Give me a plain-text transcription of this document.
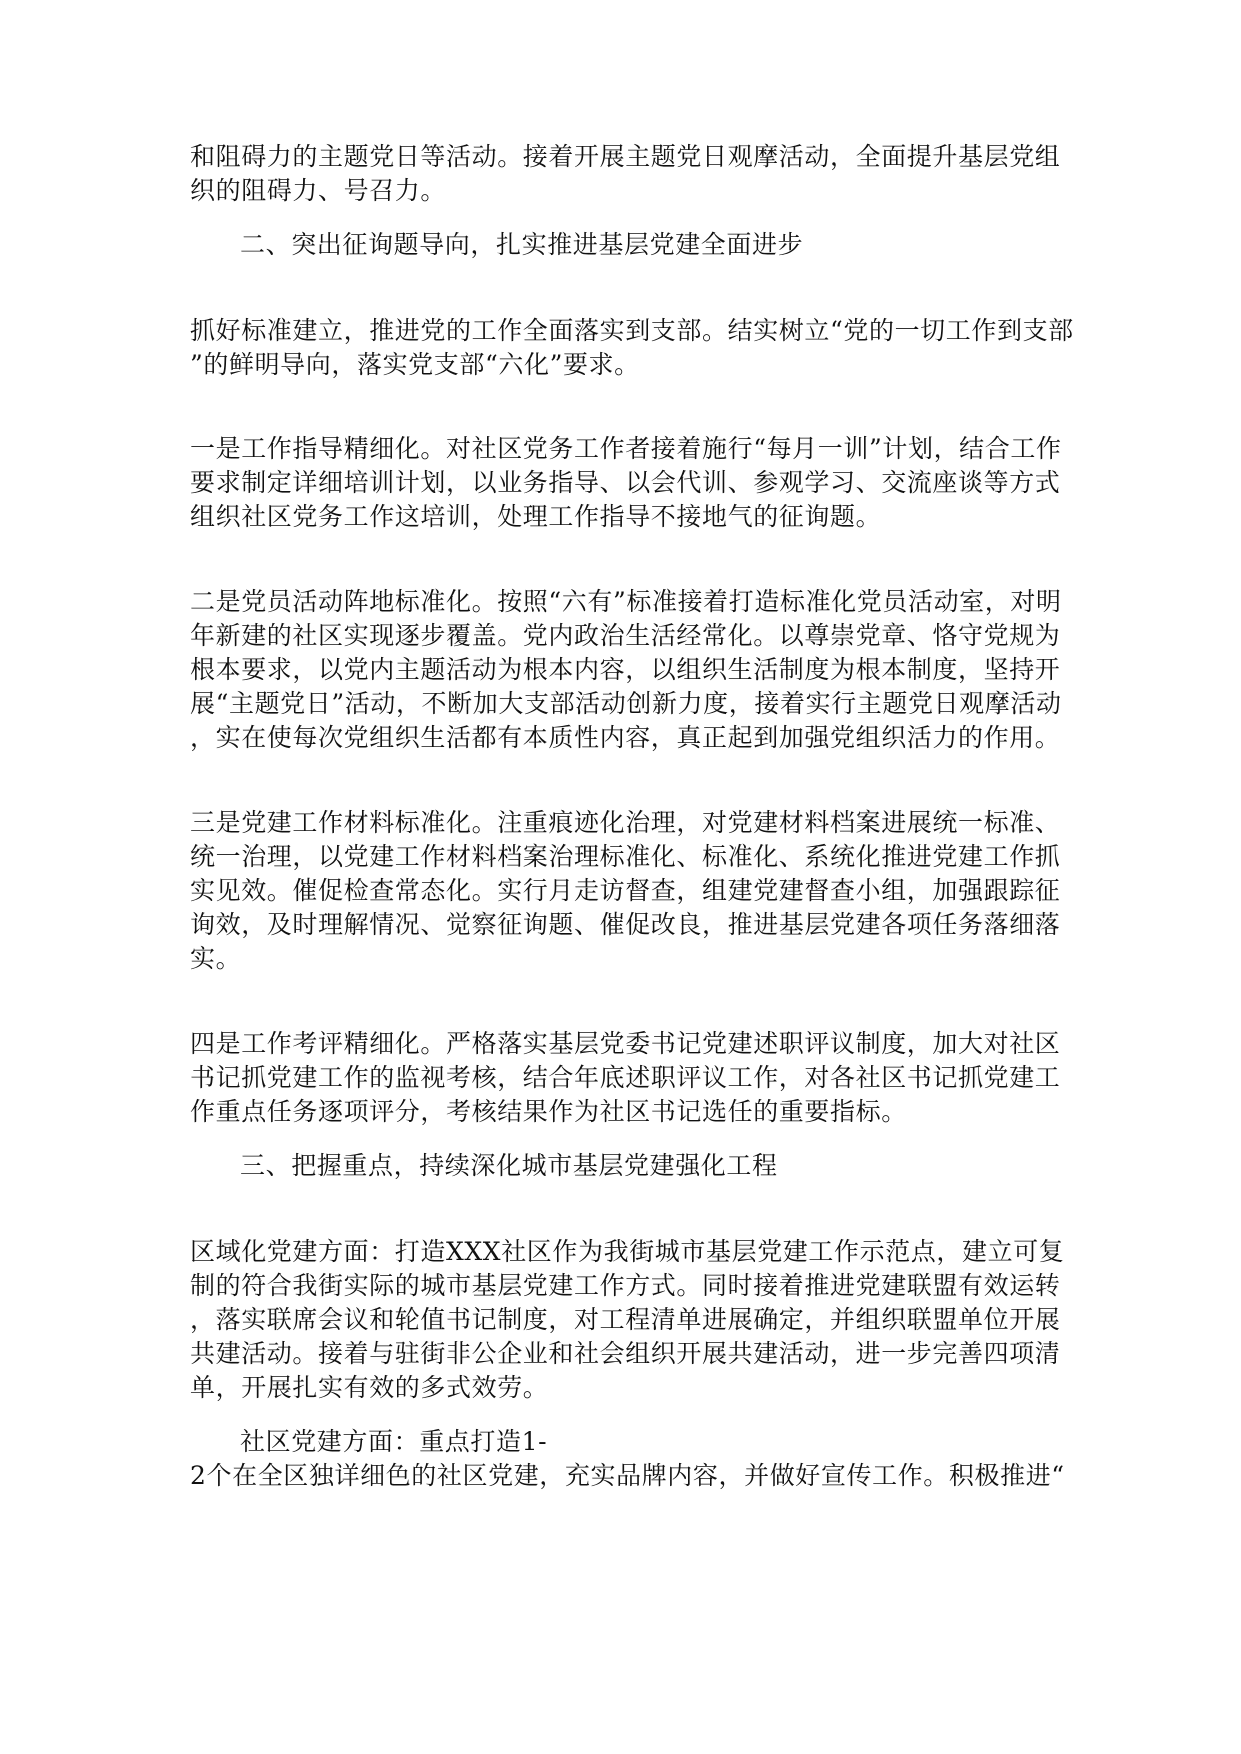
和阻碍力的主题党日等活动。接着开展主题党日观摩活动，全面提升基层党组
织的阻碍力、号召力。
二、突出征询题导向，扎实推进基层党建全面进步
抓好标准建立，推进党的工作全面落实到支部。结实树立“党的一切工作到支部
”的鲜明导向，落实党支部“六化”要求。
一是工作指导精细化。对社区党务工作者接着施行“每月一训”计划，结合工作
要求制定详细培训计划，以业务指导、以会代训、参观学习、交流座谈等方式
组织社区党务工作这培训，处理工作指导不接地气的征询题。
二是党员活动阵地标准化。按照“六有”标准接着打造标准化党员活动室，对明
年新建的社区实现逐步覆盖。党内政治生活经常化。以尊崇党章、恪守党规为
根本要求，以党内主题活动为根本内容，以组织生活制度为根本制度，坚持开
展“主题党日”活动，不断加大支部活动创新力度，接着实行主题党日观摩活动
，实在使每次党组织生活都有本质性内容，真正起到加强党组织活力的作用。
三是党建工作材料标准化。注重痕迹化治理，对党建材料档案进展统一标准、
统一治理，以党建工作材料档案治理标准化、标准化、系统化推进党建工作抓
实见效。催促检查常态化。实行月走访督查，组建党建督查小组，加强跟踪征
询效，及时理解情况、觉察征询题、催促改良，推进基层党建各项任务落细落
实。
四是工作考评精细化。严格落实基层党委书记党建述职评议制度，加大对社区
书记抓党建工作的监视考核，结合年底述职评议工作，对各社区书记抓党建工
作重点任务逐项评分，考核结果作为社区书记选任的重要指标。
三、把握重点，持续深化城市基层党建强化工程
区域化党建方面：打造XXX社区作为我街城市基层党建工作示范点，建立可复
制的符合我街实际的城市基层党建工作方式。同时接着推进党建联盟有效运转
，落实联席会议和轮值书记制度，对工程清单进展确定，并组织联盟单位开展
共建活动。接着与驻街非公企业和社会组织开展共建活动，进一步完善四项清
单，开展扎实有效的多式效劳。
社区党建方面：重点打造1-
2个在全区独详细色的社区党建，充实品牌内容，并做好宣传工作。积极推进“
